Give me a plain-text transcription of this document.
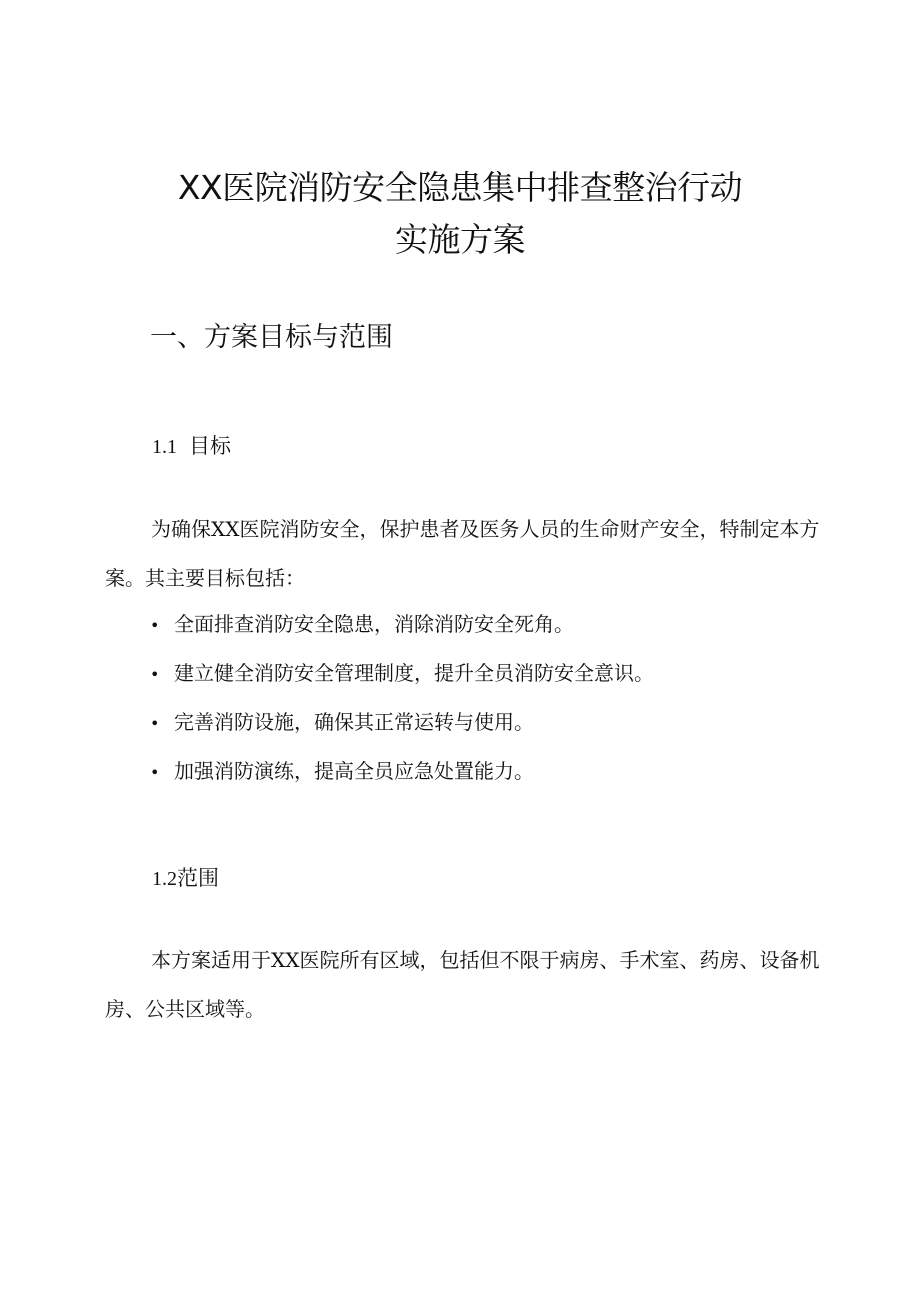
XX医院消防安全隐患集中排查整治行动
实施方案
一、方案目标与范围
1.1 目标

为确保XX医院消防安全，保护患者及医务人员的生命财产安全，特制定本方案。其主要目标包括：

• 全面排查消防安全隐患，消除消防安全死角。
• 建立健全消防安全管理制度，提升全员消防安全意识。
• 完善消防设施，确保其正常运转与使用。
• 加强消防演练，提高全员应急处置能力。
1.2范围

本方案适用于XX医院所有区域，包括但不限于病房、手术室、药房、设备机房、公共区域等。
